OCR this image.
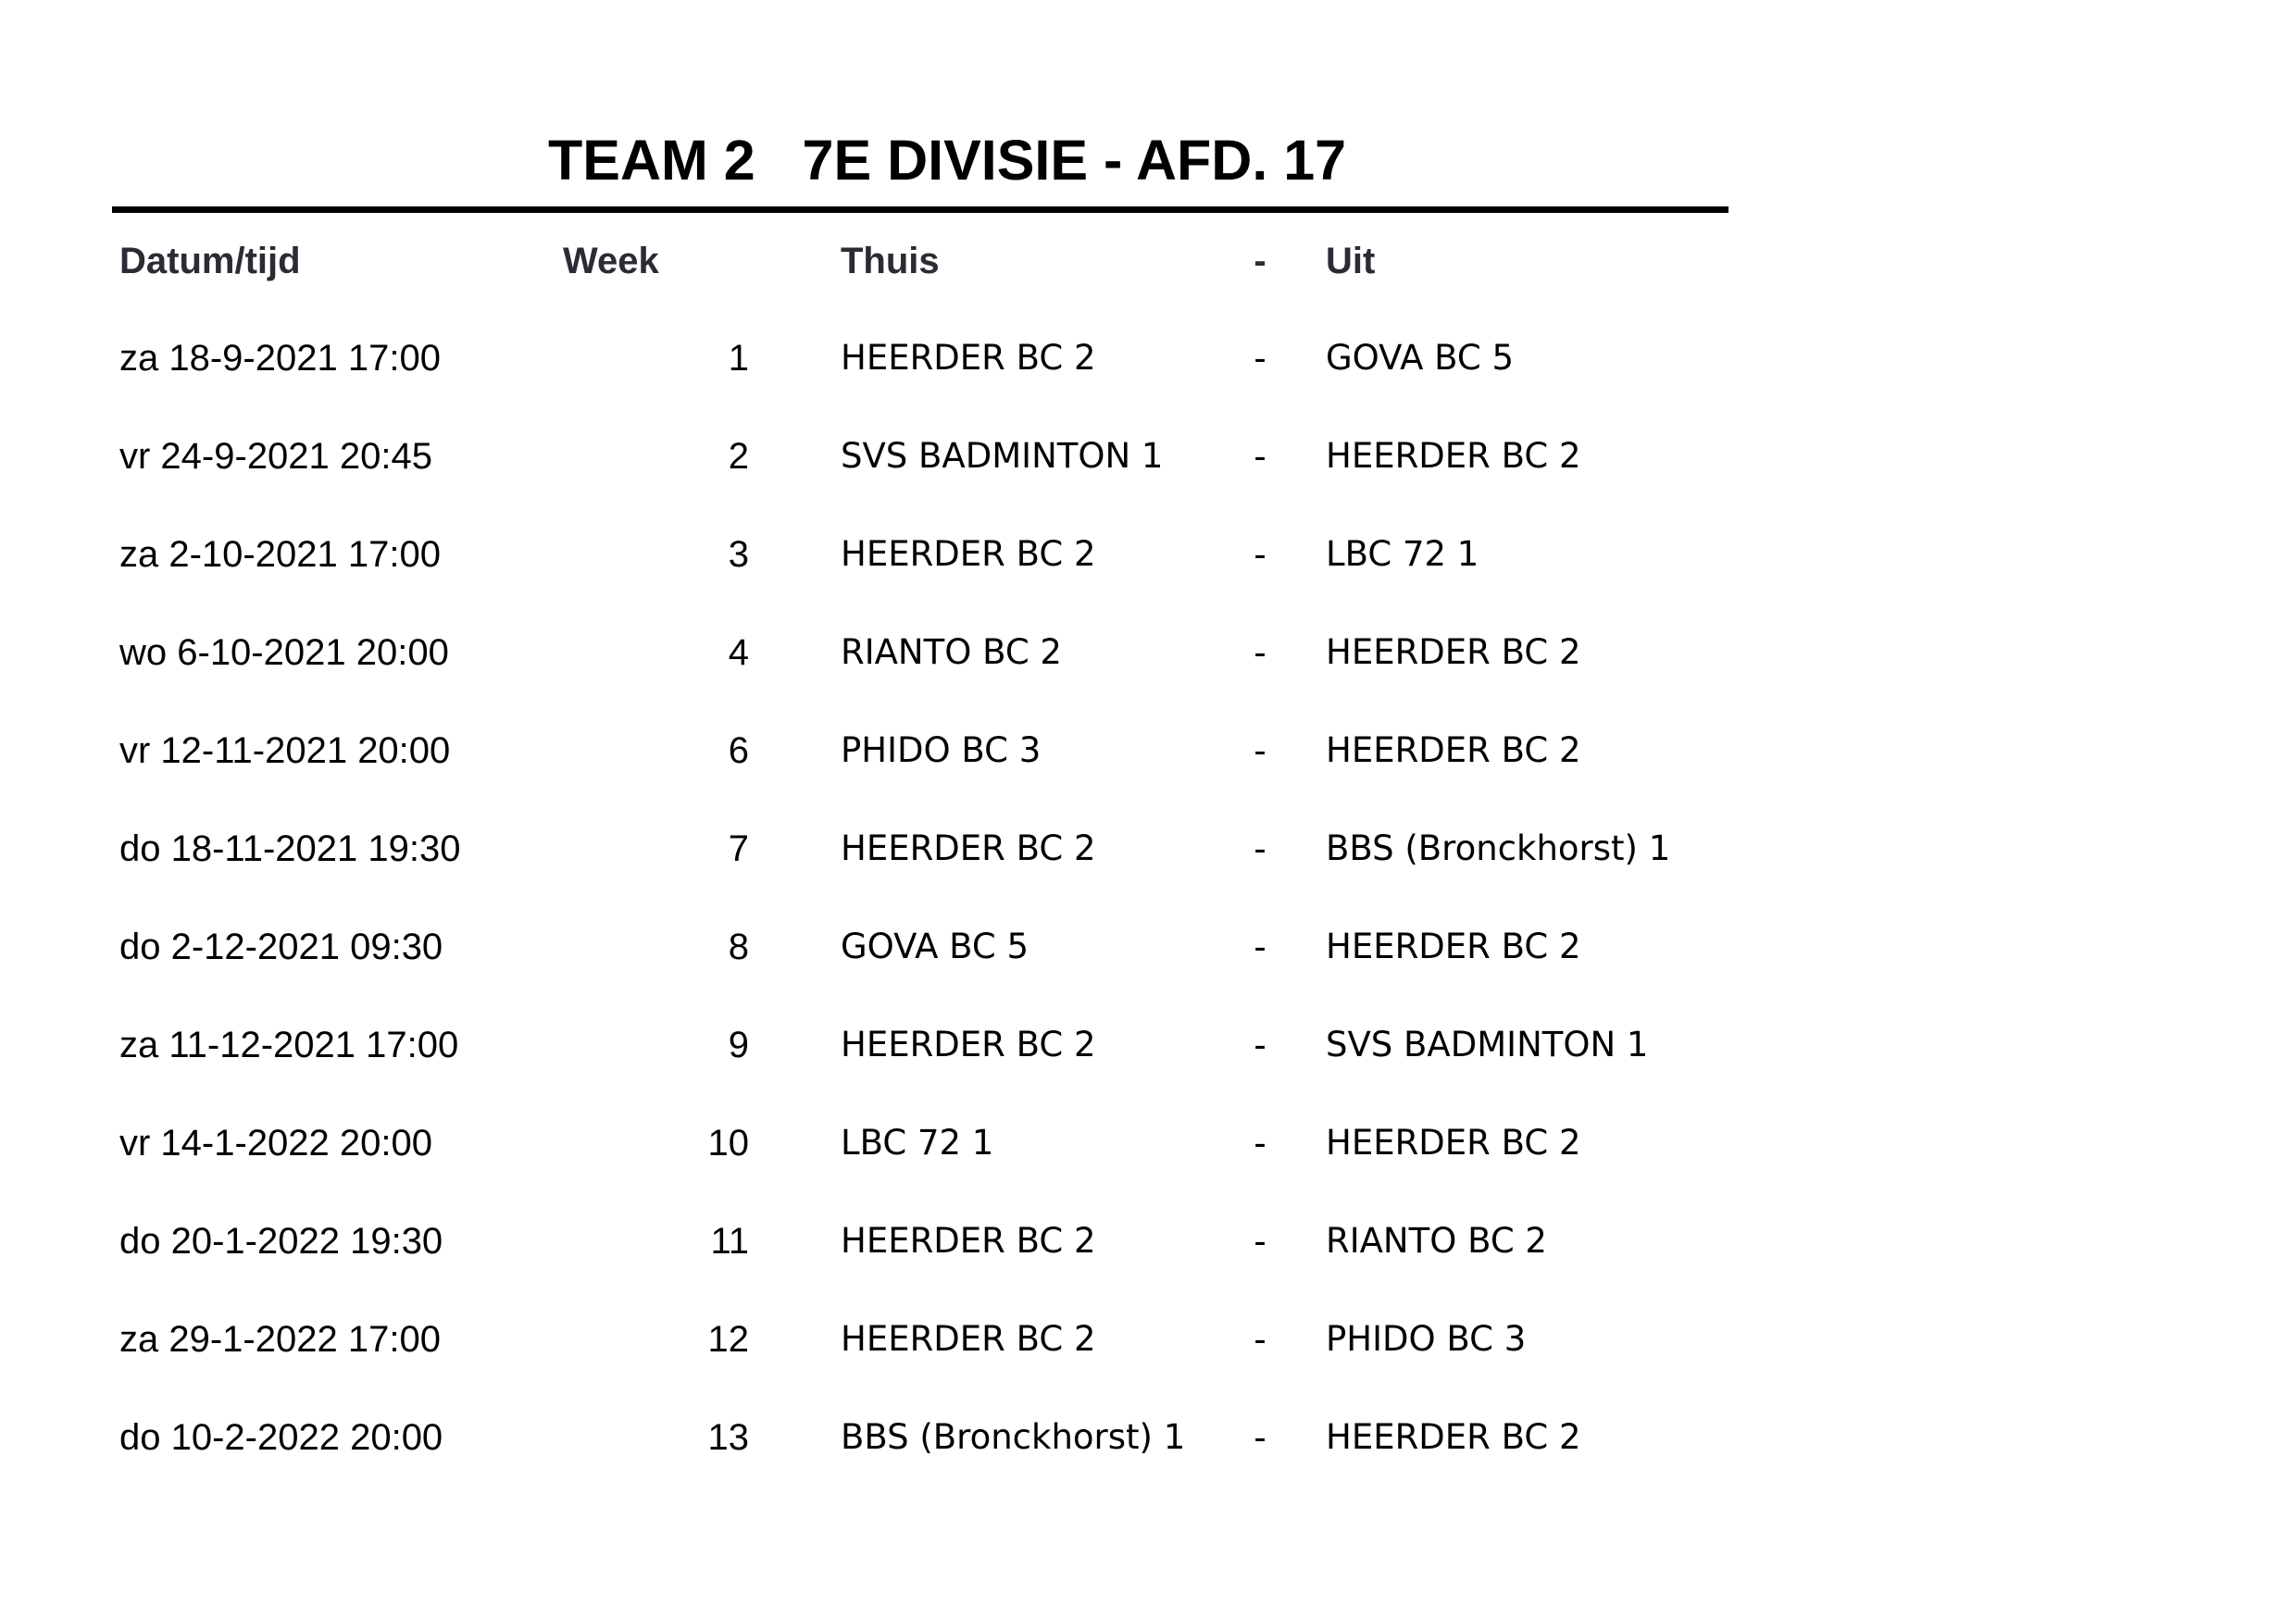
TEAM 2   7E DIVISIE - AFD. 17
Datum/tijd	Week	Thuis	- Uit
za 18-9-2021 17:00	1	HEERDER BC 2	- GOVA BC 5
vr 24-9-2021 20:45	2	SVS BADMINTON 1 - HEERDER BC 2
za 2-10-2021 17:00	3	HEERDER BC 2	- LBC 72 1
wo 6-10-2021 20:00	4	RIANTO BC 2	- HEERDER BC 2
vr 12-11-2021 20:00	6	PHIDO BC 3	- HEERDER BC 2
do 18-11-2021 19:30	7	HEERDER BC 2	- BBS (Bronckhorst) 1
do 2-12-2021 09:30	8	GOVA BC 5	- HEERDER BC 2
za 11-12-2021 17:00	9	HEERDER BC 2	- SVS BADMINTON 1
vr 14-1-2022 20:00	10	LBC 72 1	- HEERDER BC 2
do 20-1-2022 19:30	11	HEERDER BC 2	- RIANTO BC 2
za 29-1-2022 17:00	12	HEERDER BC 2	- PHIDO BC 3
do 10-2-2022 20:00	13	BBS (Bronckhorst) 1 - HEERDER BC 2
